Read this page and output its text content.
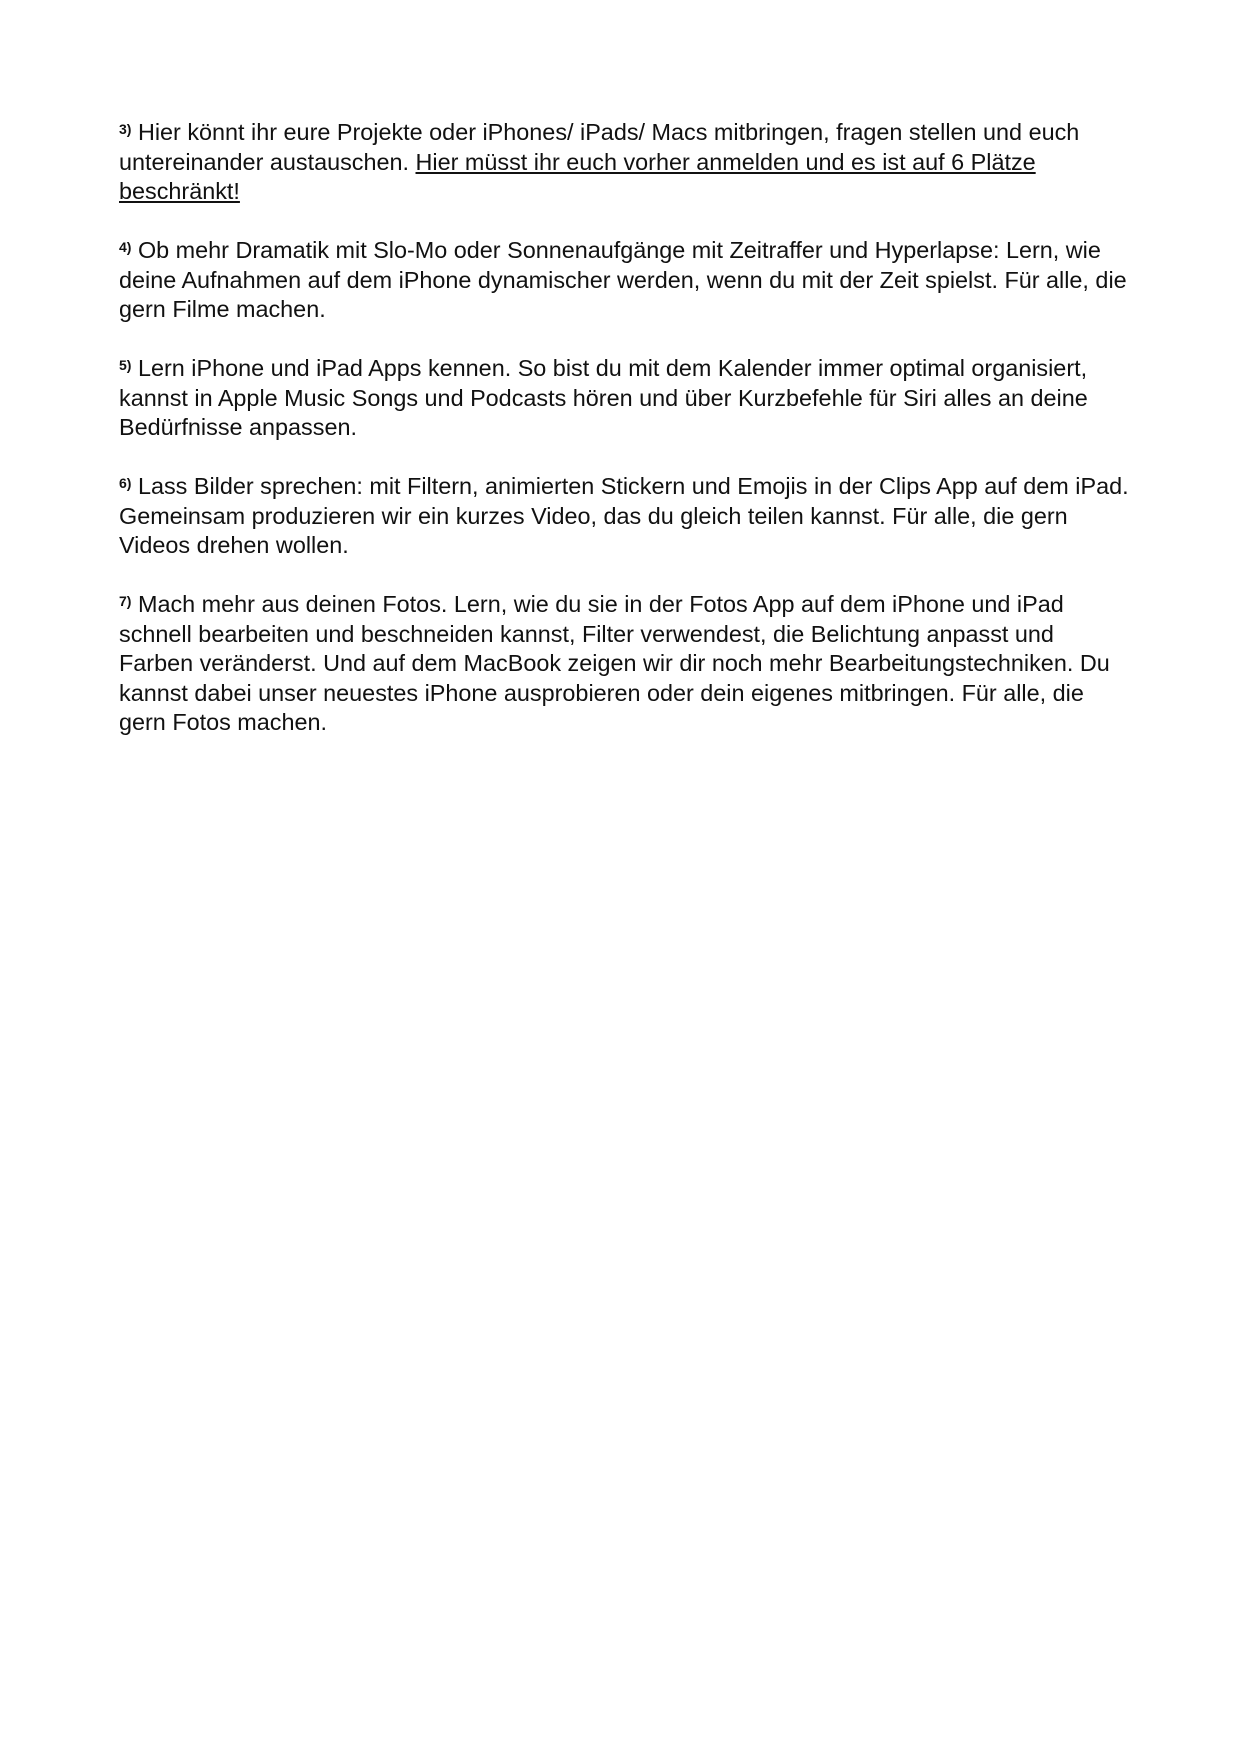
$^{3)}$ Hier könnt ihr eure Projekte oder iPhones/ iPads/ Macs mitbringen, fragen stellen und euch untereinander austauschen. Hier müsst ihr euch vorher anmelden und es ist auf 6 Plätze beschränkt!

$^{4)}$ Ob mehr Dramatik mit Slo-Mo oder Sonnenaufgänge mit Zeitraffer und Hyperlapse: Lern, wie deine Aufnahmen auf dem iPhone dynamischer werden, wenn du mit der Zeit spielst. Für alle, die gern Filme machen.

$^{5)}$ Lern iPhone und iPad Apps kennen. So bist du mit dem Kalender immer optimal organisiert, kannst in Apple Music Songs und Podcasts hören und über Kurzbefehle für Siri alles an deine Bedürfnisse anpassen.

$^{6)}$ Lass Bilder sprechen: mit Filtern, animierten Stickern und Emojis in der Clips App auf dem iPad. Gemeinsam produzieren wir ein kurzes Video, das du gleich teilen kannst. Für alle, die gern Videos drehen wollen.

$^{7)}$ Mach mehr aus deinen Fotos. Lern, wie du sie in der Fotos App auf dem iPhone und iPad schnell bearbeiten und beschneiden kannst, Filter verwendest, die Belichtung anpasst und Farben veränderst. Und auf dem MacBook zeigen wir dir noch mehr Bearbeitungstechniken. Du kannst dabei unser neuestes iPhone ausprobieren oder dein eigenes mitbringen. Für alle, die gern Fotos machen.
